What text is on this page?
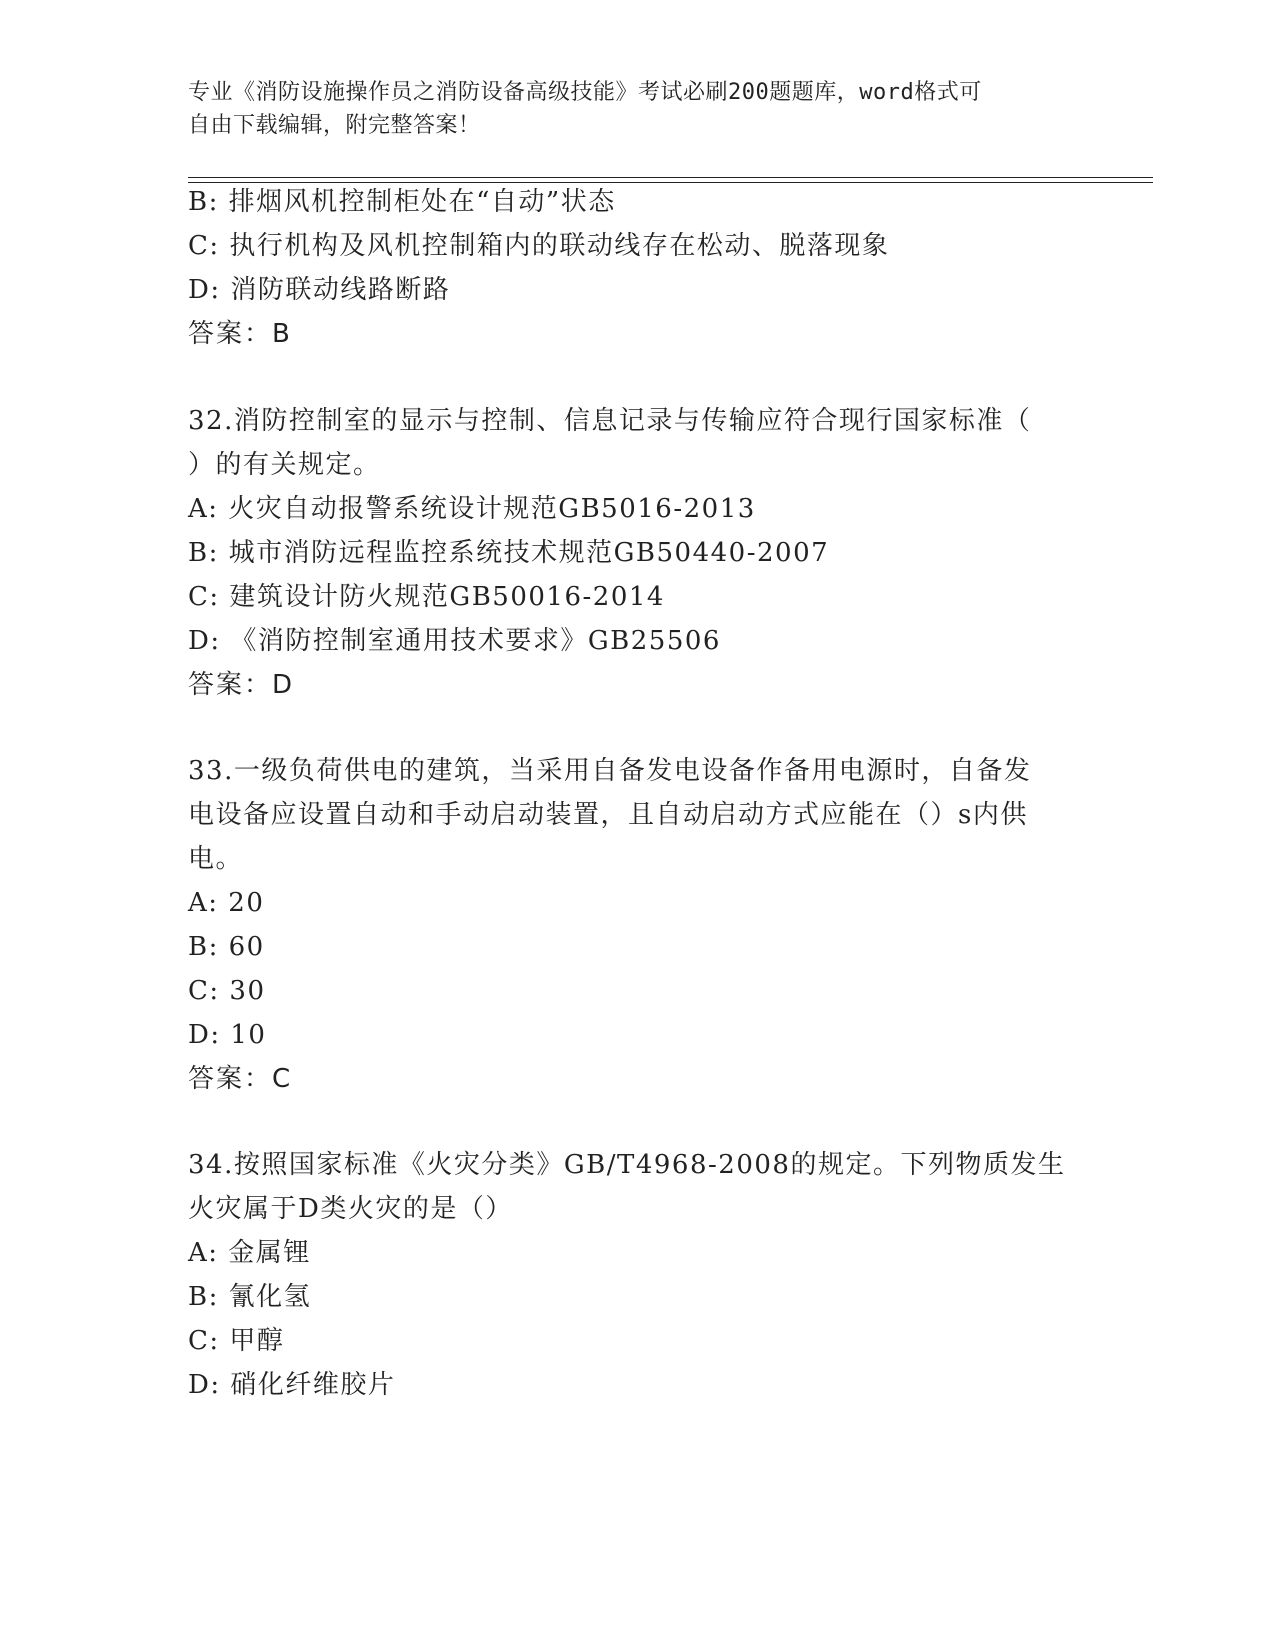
专业《消防设施操作员之消防设备高级技能》考试必刷200题题库，word格式可
自由下载编辑，附完整答案！
B: 排烟风机控制柜处在“自动”状态
C: 执行机构及风机控制箱内的联动线存在松动、脱落现象
D: 消防联动线路断路
答案：B
32.消防控制室的显示与控制、信息记录与传输应符合现行国家标准（
）的有关规定。
A: 火灾自动报警系统设计规范GB5016-2013
B: 城市消防远程监控系统技术规范GB50440-2007
C: 建筑设计防火规范GB50016-2014
D: 《消防控制室通用技术要求》GB25506
答案：D
33.一级负荷供电的建筑，当采用自备发电设备作备用电源时，自备发
电设备应设置自动和手动启动装置，且自动启动方式应能在（）s内供
电。
A: 20
B: 60
C: 30
D: 10
答案：C
34.按照国家标准《火灾分类》GB/T4968-2008的规定。下列物质发生
火灾属于D类火灾的是（）
A: 金属锂
B: 氰化氢
C: 甲醇
D: 硝化纤维胶片
